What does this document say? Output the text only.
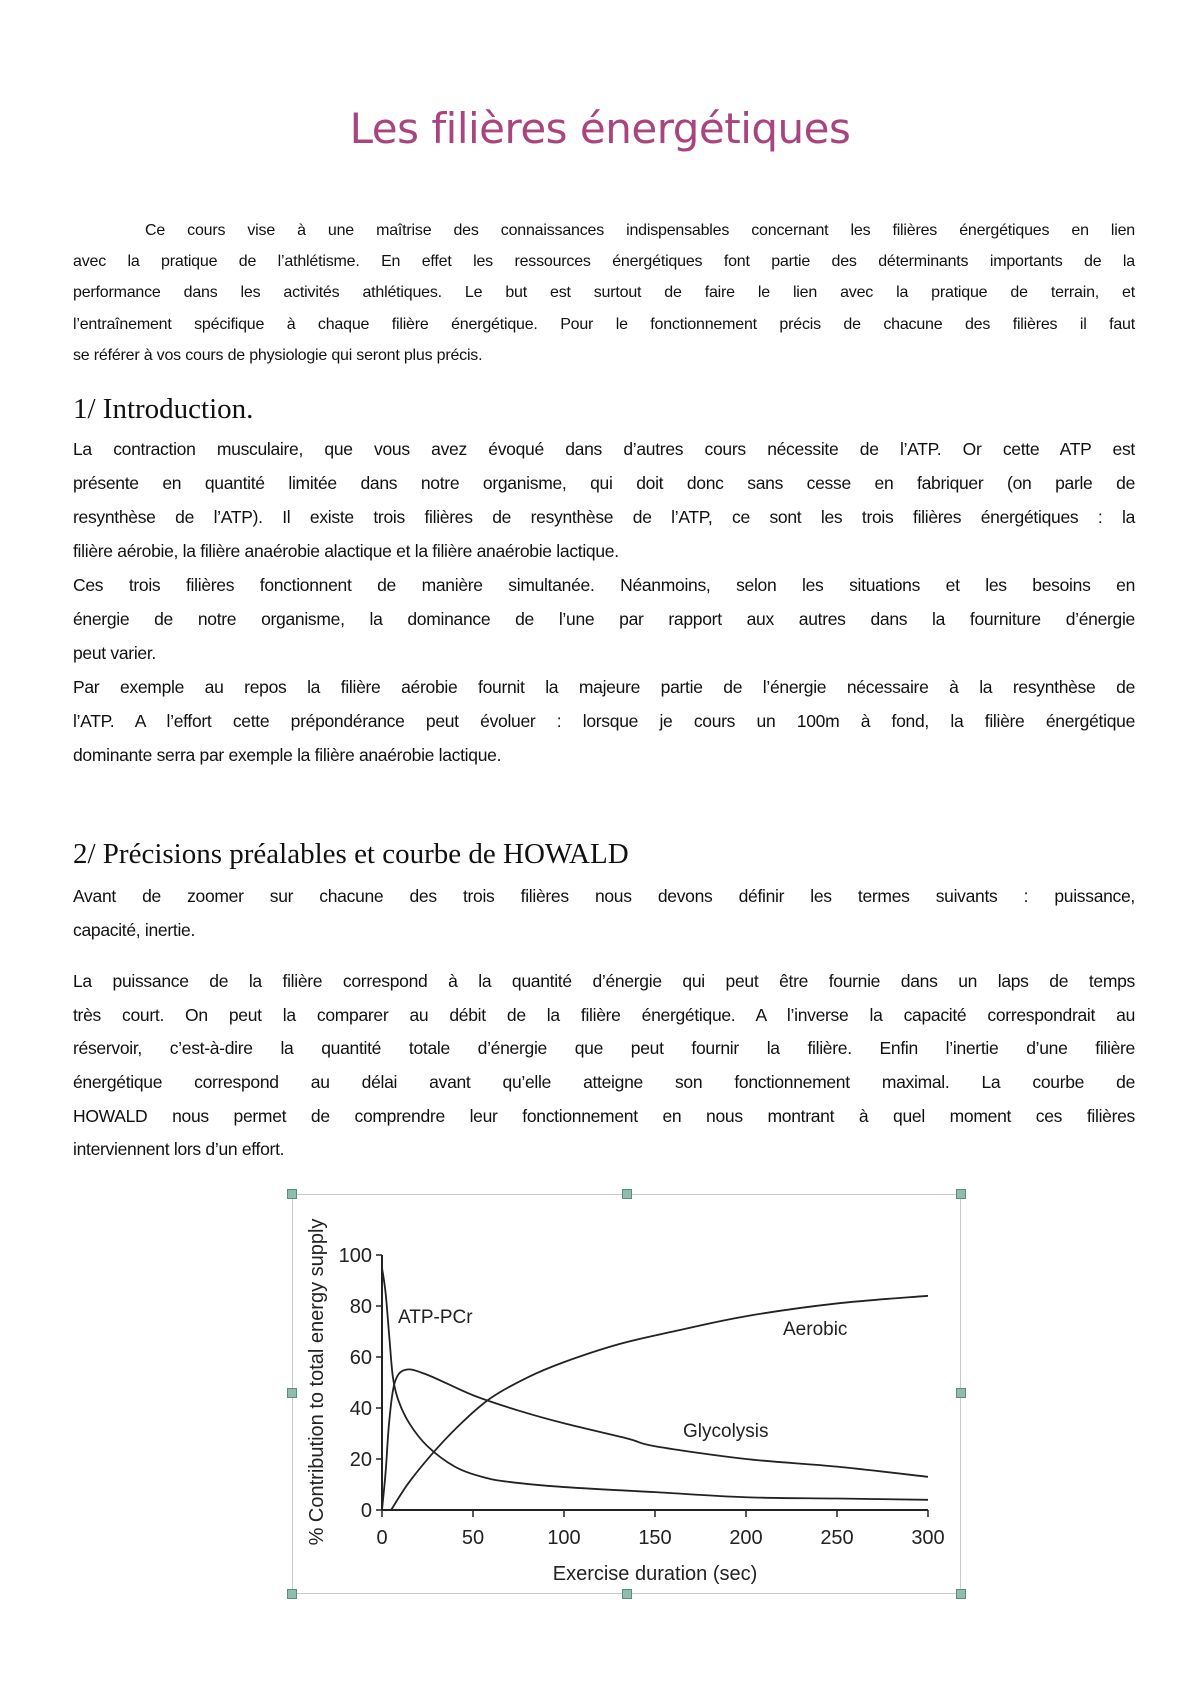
Les filières énergétiques
Ce cours vise à une maîtrise des connaissances indispensables concernant les filières énergétiques en lien
avec la pratique de l’athlétisme. En effet les ressources énergétiques font partie des déterminants importants de la
performance dans les activités athlétiques. Le but est surtout de faire le lien avec la pratique de terrain, et
l’entraînement spécifique à chaque filière énergétique. Pour le fonctionnement précis de chacune des filières il faut
se référer à vos cours de physiologie qui seront plus précis.
1/ Introduction.
La contraction musculaire, que vous avez évoqué dans d’autres cours nécessite de l’ATP. Or cette ATP est
présente en quantité limitée dans notre organisme, qui doit donc sans cesse en fabriquer (on parle de
resynthèse de l’ATP). Il existe trois filières de resynthèse de l’ATP, ce sont les trois filières énergétiques : la
filière aérobie, la filière anaérobie alactique et la filière anaérobie lactique.
Ces trois filières fonctionnent de manière simultanée. Néanmoins, selon les situations et les besoins en
énergie de notre organisme, la dominance de l’une par rapport aux autres dans la fourniture d’énergie
peut varier.
Par exemple au repos la filière aérobie fournit la majeure partie de l’énergie nécessaire à la resynthèse de
l’ATP. A l’effort cette prépondérance peut évoluer : lorsque je cours un 100m à fond, la filière énergétique
dominante serra par exemple la filière anaérobie lactique.
2/ Précisions préalables et courbe de HOWALD
Avant de zoomer sur chacune des trois filières nous devons définir les termes suivants : puissance,
capacité, inertie.
La puissance de la filière correspond à la quantité d’énergie qui peut être fournie dans un laps de temps
très court. On peut la comparer au débit de la filière énergétique. A l’inverse la capacité correspondrait au
réservoir, c’est-à-dire la quantité totale d’énergie que peut fournir la filière. Enfin l’inertie d’une filière
énergétique correspond au délai avant qu’elle atteigne son fonctionnement maximal. La courbe de
HOWALD nous permet de comprendre leur fonctionnement en nous montrant à quel moment ces filières
interviennent lors d’un effort.
0	50	100	150	200	250	300
0
20
40
60
80
100
Exercise duration (sec)
% Contribution to total energy supply	ATP-PCr
Glycolysis
Aerobic
